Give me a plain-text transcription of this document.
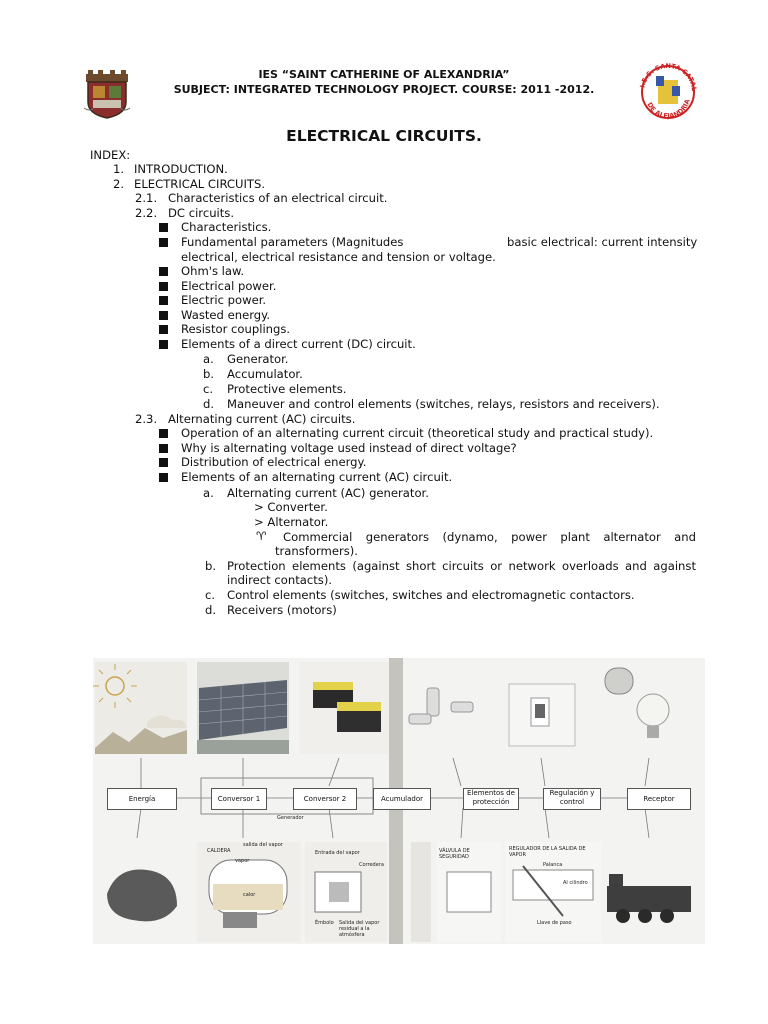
IES “SAINT CATHERINE OF ALEXANDRIA”
SUBJECT: INTEGRATED TECHNOLOGY PROJECT. COURSE: 2011 -2012.	I.E.S. SANTA CATAL
DE ALEJANDRIA
ELECTRICAL CIRCUITS.
INDEX:
1. INTRODUCTION.
2. ELECTRICAL CIRCUITS.
2.1. Characteristics of an electrical circuit.
2.2. DC circuits.
Characteristics.
Fundamental parameters (Magnitudes	basic electrical: current intensity
electrical, electrical resistance and tension or voltage.
Ohm's law.
Electrical power.
Electric power.
Wasted energy.
Resistor couplings.
Elements of a direct current (DC) circuit.
a. Generator.
b. Accumulator.
c. Protective elements.
d. Maneuver and control elements (switches, relays, resistors and receivers).
2.3. Alternating current (AC) circuits.
Operation of an alternating current circuit (theoretical study and practical study).
Why is alternating voltage used instead of direct voltage?
Distribution of electrical energy.
Elements of an alternating current (AC) circuit.
a. Alternating current (AC) generator.
> Converter.
> Alternator.
♈ Commercial generators (dynamo, power plant alternator and
transformers).
b. Protection elements (against short circuits or network overloads and against
indirect contacts).
c. Control elements (switches, switches and electromagnetic contactors.
d. Receivers (motors)
Energía	Conversor 1	Conversor 2
Generador
Acumulador
Elementos de protección
Regulación y control	Receptor
CALDERA
salida del vapor
vapor
calor
Entrada del vapor
Corredera
Émbolo Salida del vapor residual a la atmósfera
VÁLVULA DE SEGURIDAD
REGULADOR DE LA SALIDA DE VAPOR
Palanca
Al cilindro
Llave de paso
